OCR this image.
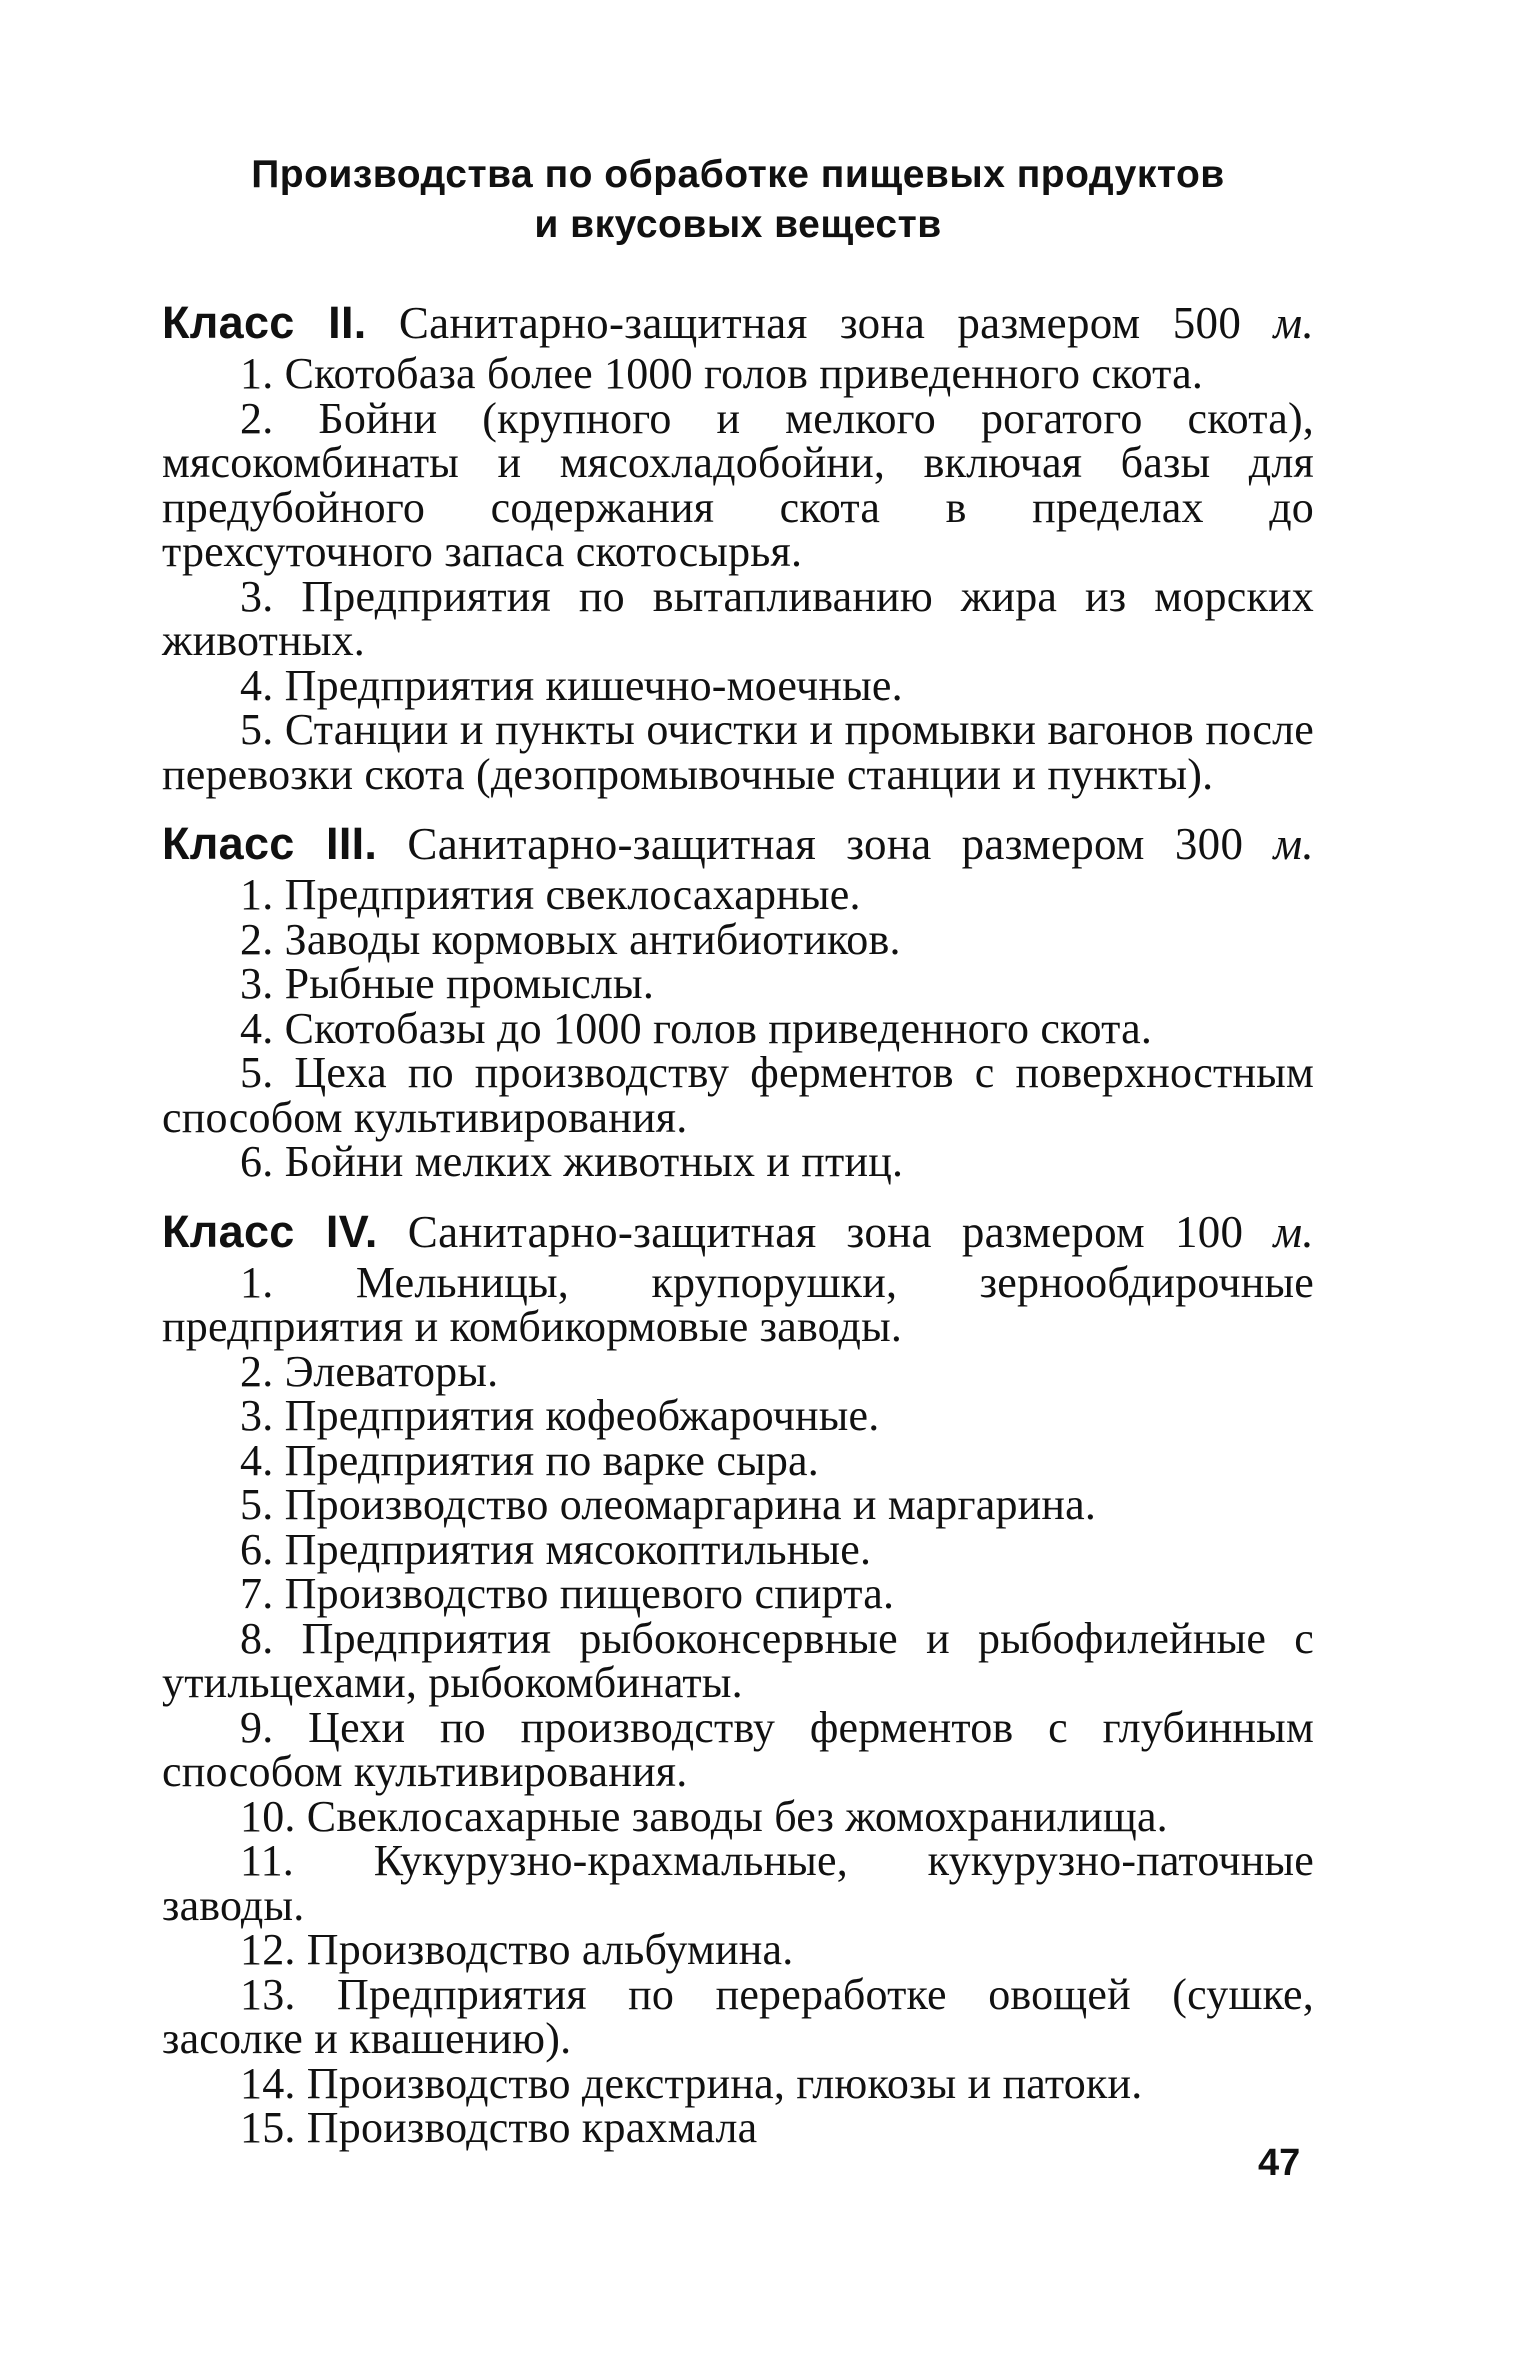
Производства по обработке пищевых продуктов
и вкусовых веществ

Класс II. Санитарно-защитная зона размером 500 м.

1. Скотобаза более 1000 голов приведенного скота.

2. Бойни (крупного и мелкого рогатого скота), мясокомбинаты и мясохладобойни, включая базы для предубойного содержания скота в пределах до трехсуточного запаса скотосырья.

3. Предприятия по вытапливанию жира из морских животных.

4. Предприятия кишечно-моечные.

5. Станции и пункты очистки и промывки вагонов после перевозки скота (дезопромывочные станции и пункты).

Класс III. Санитарно-защитная зона размером 300 м.

1. Предприятия свеклосахарные.

2. Заводы кормовых антибиотиков.

3. Рыбные промыслы.

4. Скотобазы до 1000 голов приведенного скота.

5. Цеха по производству ферментов с поверхностным способом культивирования.

6. Бойни мелких животных и птиц.

Класс IV. Санитарно-защитная зона размером 100 м.

1. Мельницы, крупорушки, зернообдирочные предприятия и комбикормовые заводы.

2. Элеваторы.

3. Предприятия кофеобжарочные.

4. Предприятия по варке сыра.

5. Производство олеомаргарина и маргарина.

6. Предприятия мясокоптильные.

7. Производство пищевого спирта.

8. Предприятия рыбоконсервные и рыбофилейные с утильцехами, рыбокомбинаты.

9. Цехи по производству ферментов с глубинным способом культивирования.

10. Свеклосахарные заводы без жомохранилища.

11. Кукурузно-крахмальные, кукурузно-паточные заводы.

12. Производство альбумина.

13. Предприятия по переработке овощей (сушке, засолке и квашению).

14. Производство декстрина, глюкозы и патоки.

15. Производство крахмала

47
